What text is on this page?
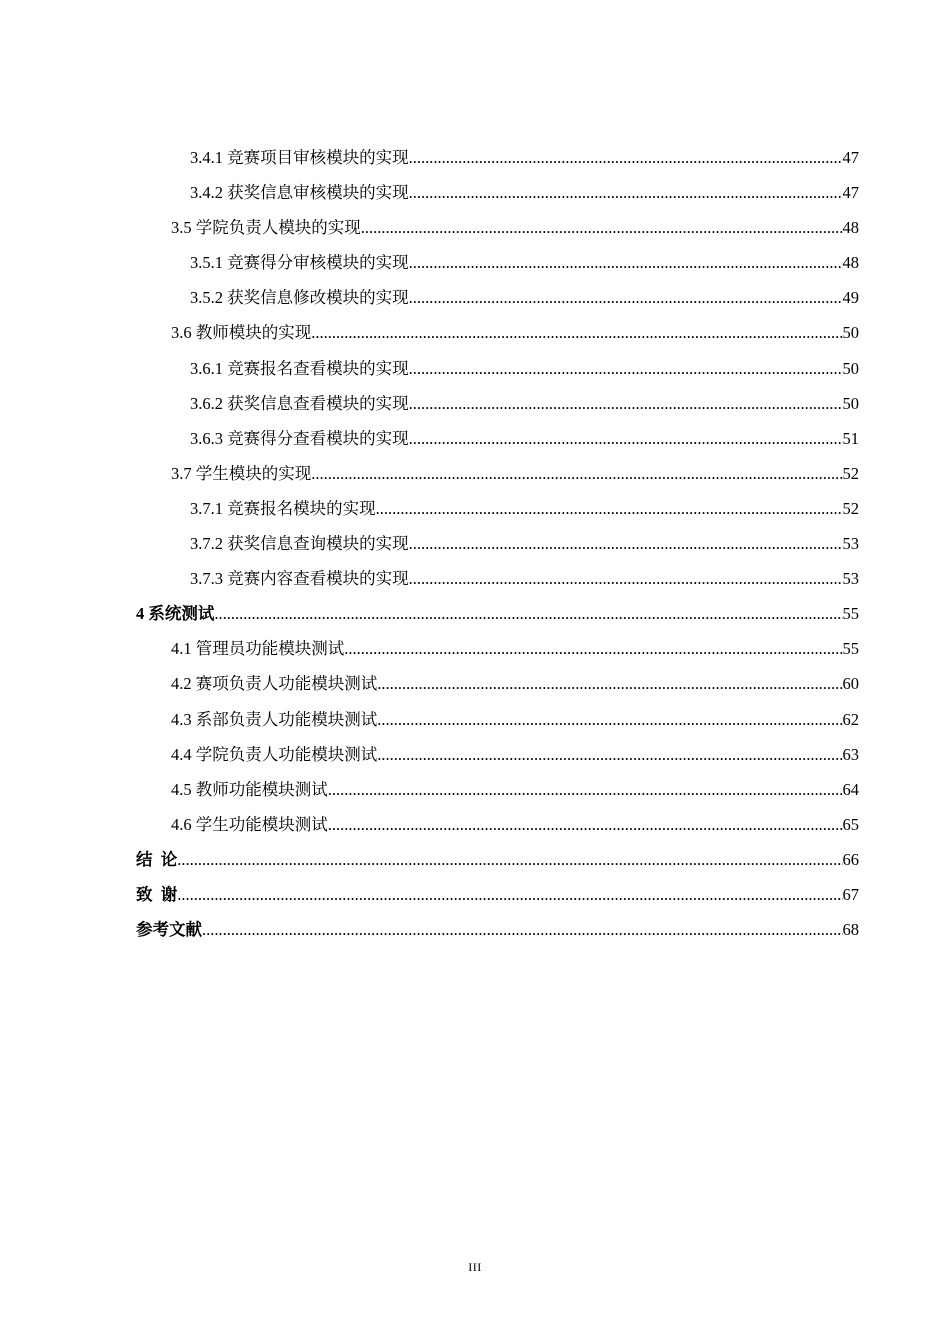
3.4.1 竞赛项目审核模块的实现 .....	47
3.4.2 获奖信息审核模块的实现 .....	47
3.5 学院负责人模块的实现 .....	48
3.5.1 竞赛得分审核模块的实现 .....	48
3.5.2 获奖信息修改模块的实现 .....	49
3.6 教师模块的实现 .....	50
3.6.1 竞赛报名查看模块的实现 .....	50
3.6.2 获奖信息查看模块的实现 .....	50
3.6.3 竞赛得分查看模块的实现 .....	51
3.7 学生模块的实现 .....	52
3.7.1 竞赛报名模块的实现 .....	52
3.7.2 获奖信息查询模块的实现 .....	53
3.7.3 竞赛内容查看模块的实现 .....	53
4 系统测试 .....	55
4.1 管理员功能模块测试 .....	55
4.2 赛项负责人功能模块测试 .....	60
4.3 系部负责人功能模块测试 .....	62
4.4 学院负责人功能模块测试 .....	63
4.5 教师功能模块测试 .....	64
4.6 学生功能模块测试 .....	65
结  论 .....	66
致  谢 .....	67
参考文献 .....	68
III
